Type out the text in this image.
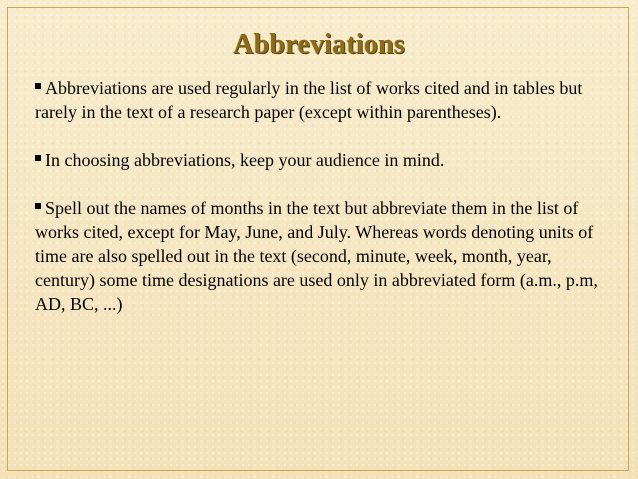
Abbreviations

Abbreviations are used regularly in the list of works cited and in tables but rarely in the text of a research paper (except within parentheses).

In choosing abbreviations, keep your audience in mind.

Spell out the names of months in the text but abbreviate them in the list of works cited, except for May, June, and July. Whereas words denoting units of time are also spelled out in the text (second, minute, week, month, year, century) some time designations are used only in abbreviated form (a.m., p.m, AD, BC, ...)
